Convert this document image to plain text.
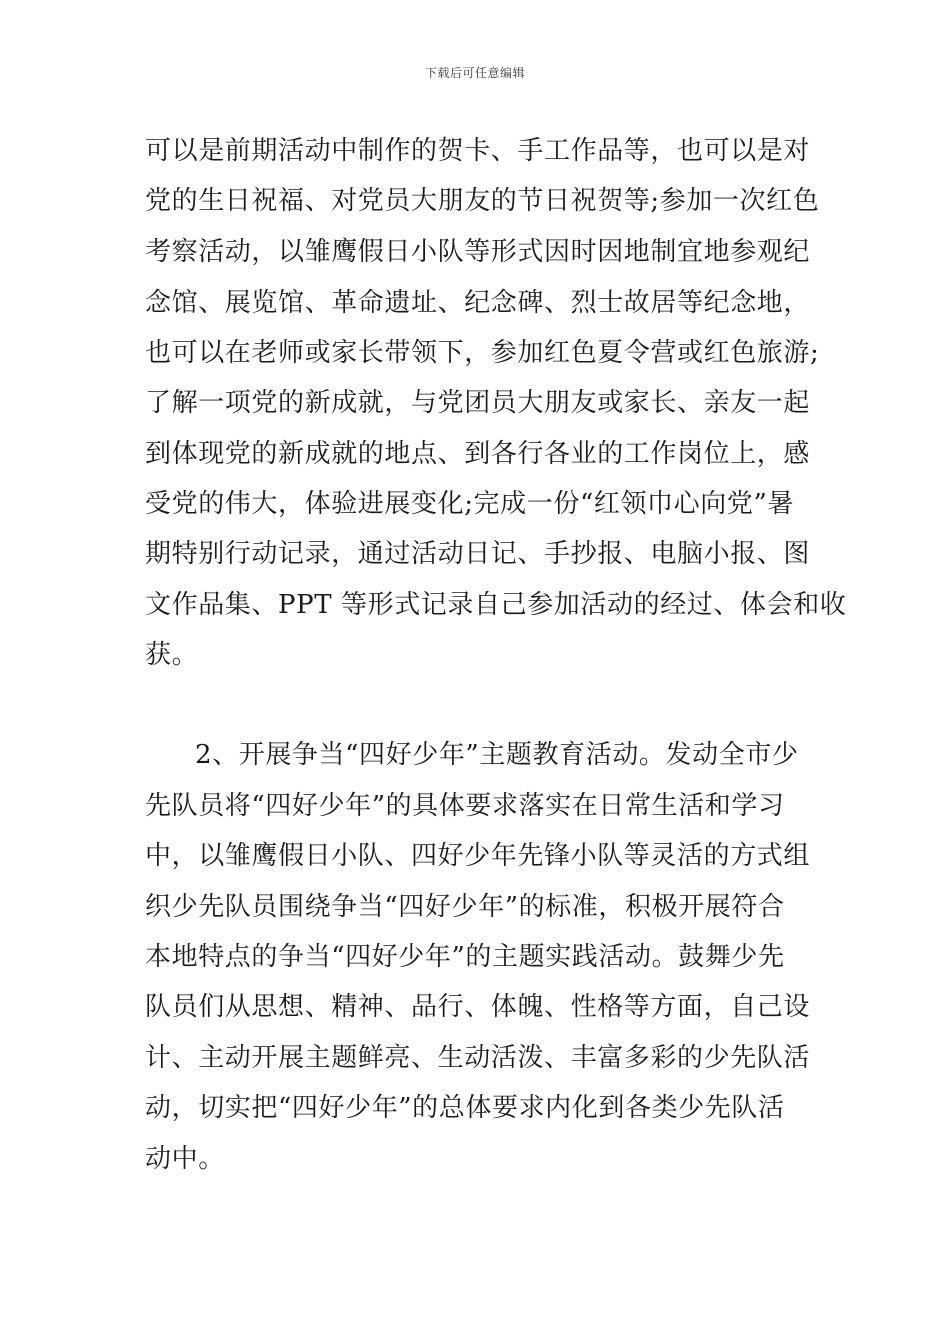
下载后可任意编辑
可以是前期活动中制作的贺卡、手工作品等，也可以是对
党的生日祝福、对党员大朋友的节日祝贺等;参加一次红色
考察活动，以雏鹰假日小队等形式因时因地制宜地参观纪
念馆、展览馆、革命遗址、纪念碑、烈士故居等纪念地，
也可以在老师或家长带领下，参加红色夏令营或红色旅游;
了解一项党的新成就，与党团员大朋友或家长、亲友一起
到体现党的新成就的地点、到各行各业的工作岗位上，感
受党的伟大，体验进展变化;完成一份“红领巾心向党”暑
期特别行动记录，通过活动日记、手抄报、电脑小报、图
文作品集、PPT 等形式记录自己参加活动的经过、体会和收
获。
2、开展争当“四好少年”主题教育活动。发动全市少
先队员将“四好少年”的具体要求落实在日常生活和学习
中，以雏鹰假日小队、四好少年先锋小队等灵活的方式组
织少先队员围绕争当“四好少年”的标准，积极开展符合
本地特点的争当“四好少年”的主题实践活动。鼓舞少先
队员们从思想、精神、品行、体魄、性格等方面，自己设
计、主动开展主题鲜亮、生动活泼、丰富多彩的少先队活
动，切实把“四好少年”的总体要求内化到各类少先队活
动中。
